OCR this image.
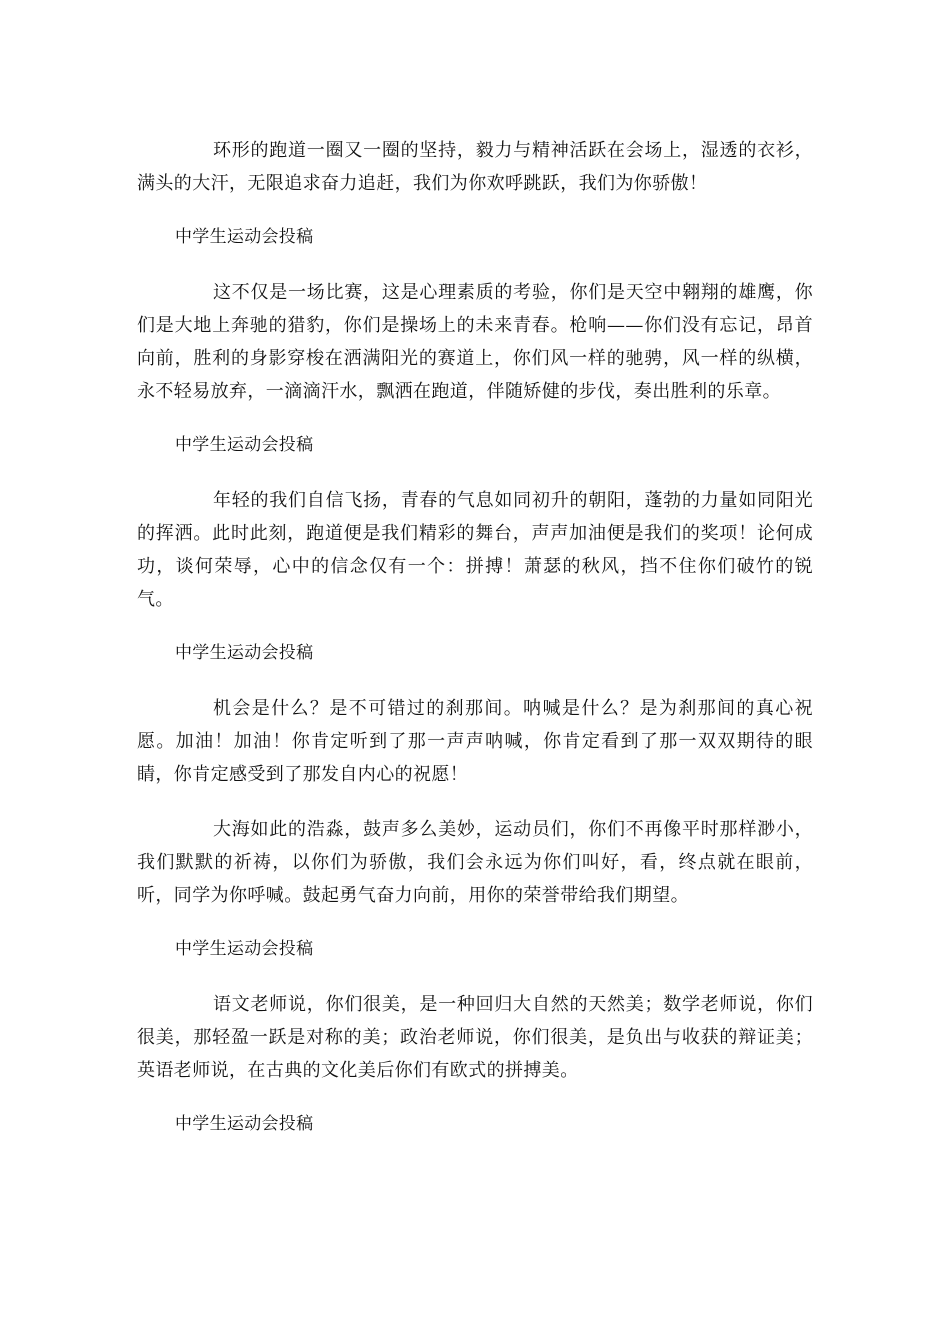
环形的跑道一圈又一圈的坚持，毅力与精神活跃在会场上，湿透的衣衫，满头的大汗，无限追求奋力追赶，我们为你欢呼跳跃，我们为你骄傲！

中学生运动会投稿

这不仅是一场比赛，这是心理素质的考验，你们是天空中翱翔的雄鹰，你们是大地上奔驰的猎豹，你们是操场上的未来青春。枪响——你们没有忘记，昂首向前，胜利的身影穿梭在洒满阳光的赛道上，你们风一样的驰骋，风一样的纵横，永不轻易放弃，一滴滴汗水，飘洒在跑道，伴随矫健的步伐，奏出胜利的乐章。

中学生运动会投稿

年轻的我们自信飞扬，青春的气息如同初升的朝阳，蓬勃的力量如同阳光的挥洒。此时此刻，跑道便是我们精彩的舞台，声声加油便是我们的奖项！论何成功，谈何荣辱，心中的信念仅有一个：拼搏！萧瑟的秋风，挡不住你们破竹的锐气。

中学生运动会投稿

机会是什么？是不可错过的刹那间。呐喊是什么？是为刹那间的真心祝愿。加油！加油！你肯定听到了那一声声呐喊，你肯定看到了那一双双期待的眼睛，你肯定感受到了那发自内心的祝愿！

大海如此的浩淼，鼓声多么美妙，运动员们，你们不再像平时那样渺小，我们默默的祈祷，以你们为骄傲，我们会永远为你们叫好，看，终点就在眼前，听，同学为你呼喊。鼓起勇气奋力向前，用你的荣誉带给我们期望。

中学生运动会投稿

语文老师说，你们很美，是一种回归大自然的天然美；数学老师说，你们很美，那轻盈一跃是对称的美；政治老师说，你们很美，是负出与收获的辩证美；英语老师说，在古典的文化美后你们有欧式的拼搏美。

中学生运动会投稿
